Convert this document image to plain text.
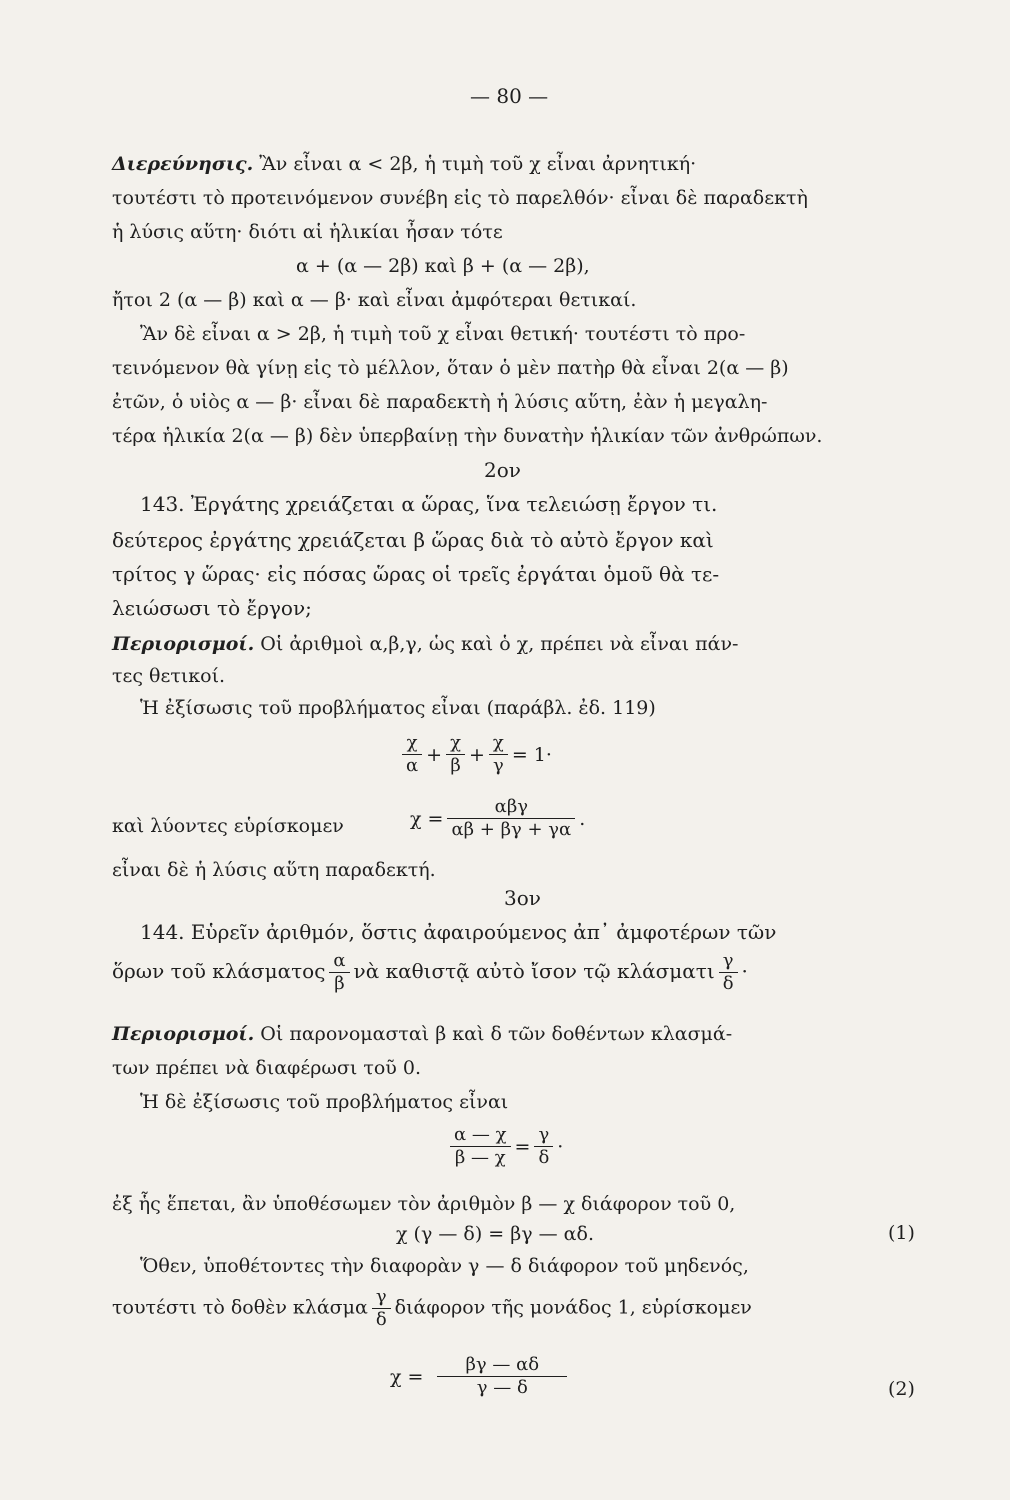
— 80 —
Διερεύνησις. Ἂν εἶναι α < 2β, ἡ τιμὴ τοῦ χ εἶναι ἀρνητική·
τουτέστι τὸ προτεινόμενον συνέβη εἰς τὸ παρελθόν· εἶναι δὲ παραδεκτὴ
ἡ λύσις αὕτη· διότι αἱ ἡλικίαι ἦσαν τότε
α + (α — 2β) καὶ β + (α — 2β),
ἤτοι 2 (α — β) καὶ α — β· καὶ εἶναι ἀμφότεραι θετικαί.
Ἂν δὲ εἶναι α > 2β, ἡ τιμὴ τοῦ χ εἶναι θετική· τουτέστι τὸ προ-
τεινόμενον θὰ γίνῃ εἰς τὸ μέλλον, ὅταν ὁ μὲν πατὴρ θὰ εἶναι 2(α — β)
ἐτῶν, ὁ υἱὸς α — β· εἶναι δὲ παραδεκτὴ ἡ λύσις αὕτη, ἐὰν ἡ μεγαλη-
τέρα ἡλικία 2(α — β) δὲν ὑπερβαίνῃ τὴν δυνατὴν ἡλικίαν τῶν ἀνθρώπων.
2ον
143. Ἐργάτης χρειάζεται α ὥρας, ἵνα τελειώσῃ ἔργον τι.
δεύτερος ἐργάτης χρειάζεται β ὥρας διὰ τὸ αὐτὸ ἔργον καὶ
τρίτος γ ὥρας· εἰς πόσας ὥρας οἱ τρεῖς ἐργάται ὁμοῦ θὰ τε-
λειώσωσι τὸ ἔργον;
Περιορισμοί. Οἱ ἀριθμοὶ α,β,γ, ὡς καὶ ὁ χ, πρέπει νὰ εἶναι πάν-
τες θετικοί.
Ἡ ἐξίσωσις τοῦ προβλήματος εἶναι (παράβλ. ἐδ. 119)
$\frac{\chi}{\alpha} + \frac{\chi}{\beta} + \frac{\chi}{\gamma} = 1\cdot$
καὶ λύοντες εὑρίσκομεν	$\chi = \frac{\text{αβγ}}{\alpha\beta + \beta\gamma + \gamma\alpha}$ .
εἶναι δὲ ἡ λύσις αὕτη παραδεκτή.
3ον
144. Εὑρεῖν ἀριθμόν, ὅστις ἀφαιρούμενος ἀπ᾽ ἀμφοτέρων τῶν
ὅρων τοῦ κλάσματος $\frac{\alpha}{\beta}$ νὰ καθιστᾷ αὐτὸ ἴσον τῷ κλάσματι $\frac{\gamma}{\delta}$ ·
Περιορισμοί. Οἱ παρονομασταὶ β καὶ δ τῶν δοθέντων κλασμά-
των πρέπει νὰ διαφέρωσι τοῦ 0.
Ἡ δὲ ἐξίσωσις τοῦ προβλήματος εἶναι
$\frac{\alpha — \chi}{\beta — \chi} = \frac{\gamma}{\delta}$ ·
ἐξ ἧς ἕπεται, ἂν ὑποθέσωμεν τὸν ἀριθμὸν β — χ διάφορον τοῦ 0,
χ (γ — δ) = βγ — αδ.	(1)
Ὅθεν, ὑποθέτοντες τὴν διαφορὰν γ — δ διάφορον τοῦ μηδενός,
τουτέστι τὸ δοθὲν κλάσμα $\frac{\gamma}{\delta}$ διάφορον τῆς μονάδος 1, εὑρίσκομεν
$\chi = \frac{\beta\gamma — \alpha\delta}{\gamma — \delta}$	(2)
